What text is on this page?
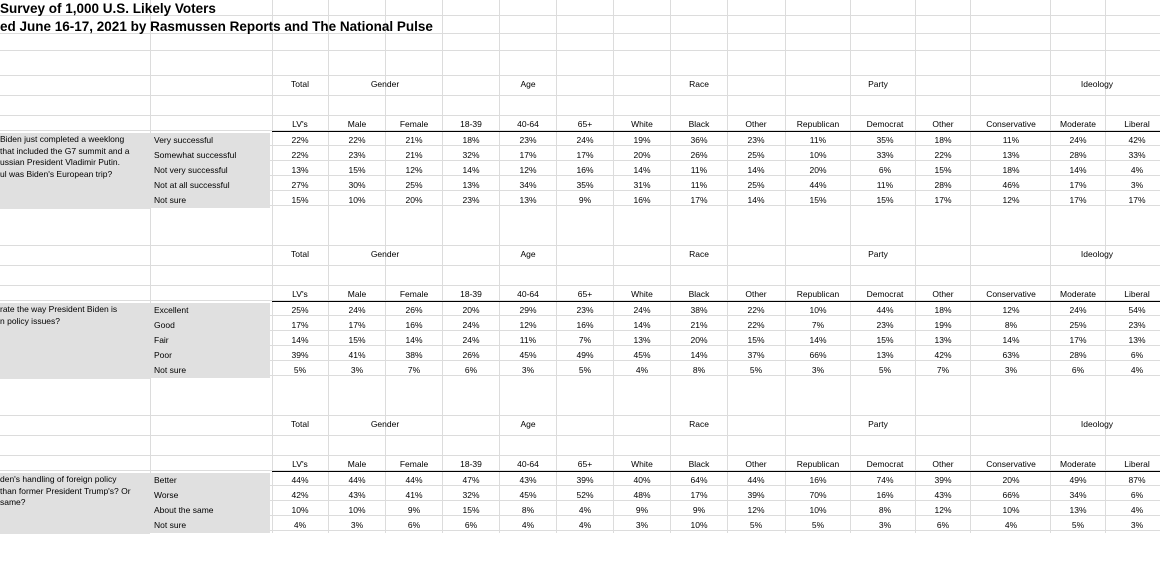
Survey of 1,000 U.S. Likely Voters
ed June 16-17, 2021 by Rasmussen Reports and The National Pulse
Total	Gender	Age	Race	Party	Ideology
LV's	Male	Female	18-39	40-64	65+	White	Black	Other	Republican	Democrat	Other	Conservative	Moderate	Liberal
Biden just completed a weeklong
that included the G7 summit and a
ussian President Vladimir Putin.
ul was Biden's European trip?
Very successful	22%	22%	21%	18%	23%	24%	19%	36%	23%	11%	35%	18%	11%	24%	42%
Somewhat successful	22%	23%	21%	32%	17%	17%	20%	26%	25%	10%	33%	22%	13%	28%	33%
Not very successful	13%	15%	12%	14%	12%	16%	14%	11%	14%	20%	6%	15%	18%	14%	4%
Not at all successful	27%	30%	25%	13%	34%	35%	31%	11%	25%	44%	11%	28%	46%	17%	3%
Not sure	15%	10%	20%	23%	13%	9%	16%	17%	14%	15%	15%	17%	12%	17%	17%
Total	Gender	Age	Race	Party	Ideology
LV's	Male	Female	18-39	40-64	65+	White	Black	Other	Republican	Democrat	Other	Conservative	Moderate	Liberal
rate the way President Biden is
n policy issues?
Excellent	25%	24%	26%	20%	29%	23%	24%	38%	22%	10%	44%	18%	12%	24%	54%
Good	17%	17%	16%	24%	12%	16%	14%	21%	22%	7%	23%	19%	8%	25%	23%
Fair	14%	15%	14%	24%	11%	7%	13%	20%	15%	14%	15%	13%	14%	17%	13%
Poor	39%	41%	38%	26%	45%	49%	45%	14%	37%	66%	13%	42%	63%	28%	6%
Not sure	5%	3%	7%	6%	3%	5%	4%	8%	5%	3%	5%	7%	3%	6%	4%
Total	Gender	Age	Race	Party	Ideology
LV's	Male	Female	18-39	40-64	65+	White	Black	Other	Republican	Democrat	Other	Conservative	Moderate	Liberal
den's handling of foreign policy
than former President Trump's? Or
same?
Better	44%	44%	44%	47%	43%	39%	40%	64%	44%	16%	74%	39%	20%	49%	87%
Worse	42%	43%	41%	32%	45%	52%	48%	17%	39%	70%	16%	43%	66%	34%	6%
About the same	10%	10%	9%	15%	8%	4%	9%	9%	12%	10%	8%	12%	10%	13%	4%
Not sure	4%	3%	6%	6%	4%	4%	3%	10%	5%	5%	3%	6%	4%	5%	3%
